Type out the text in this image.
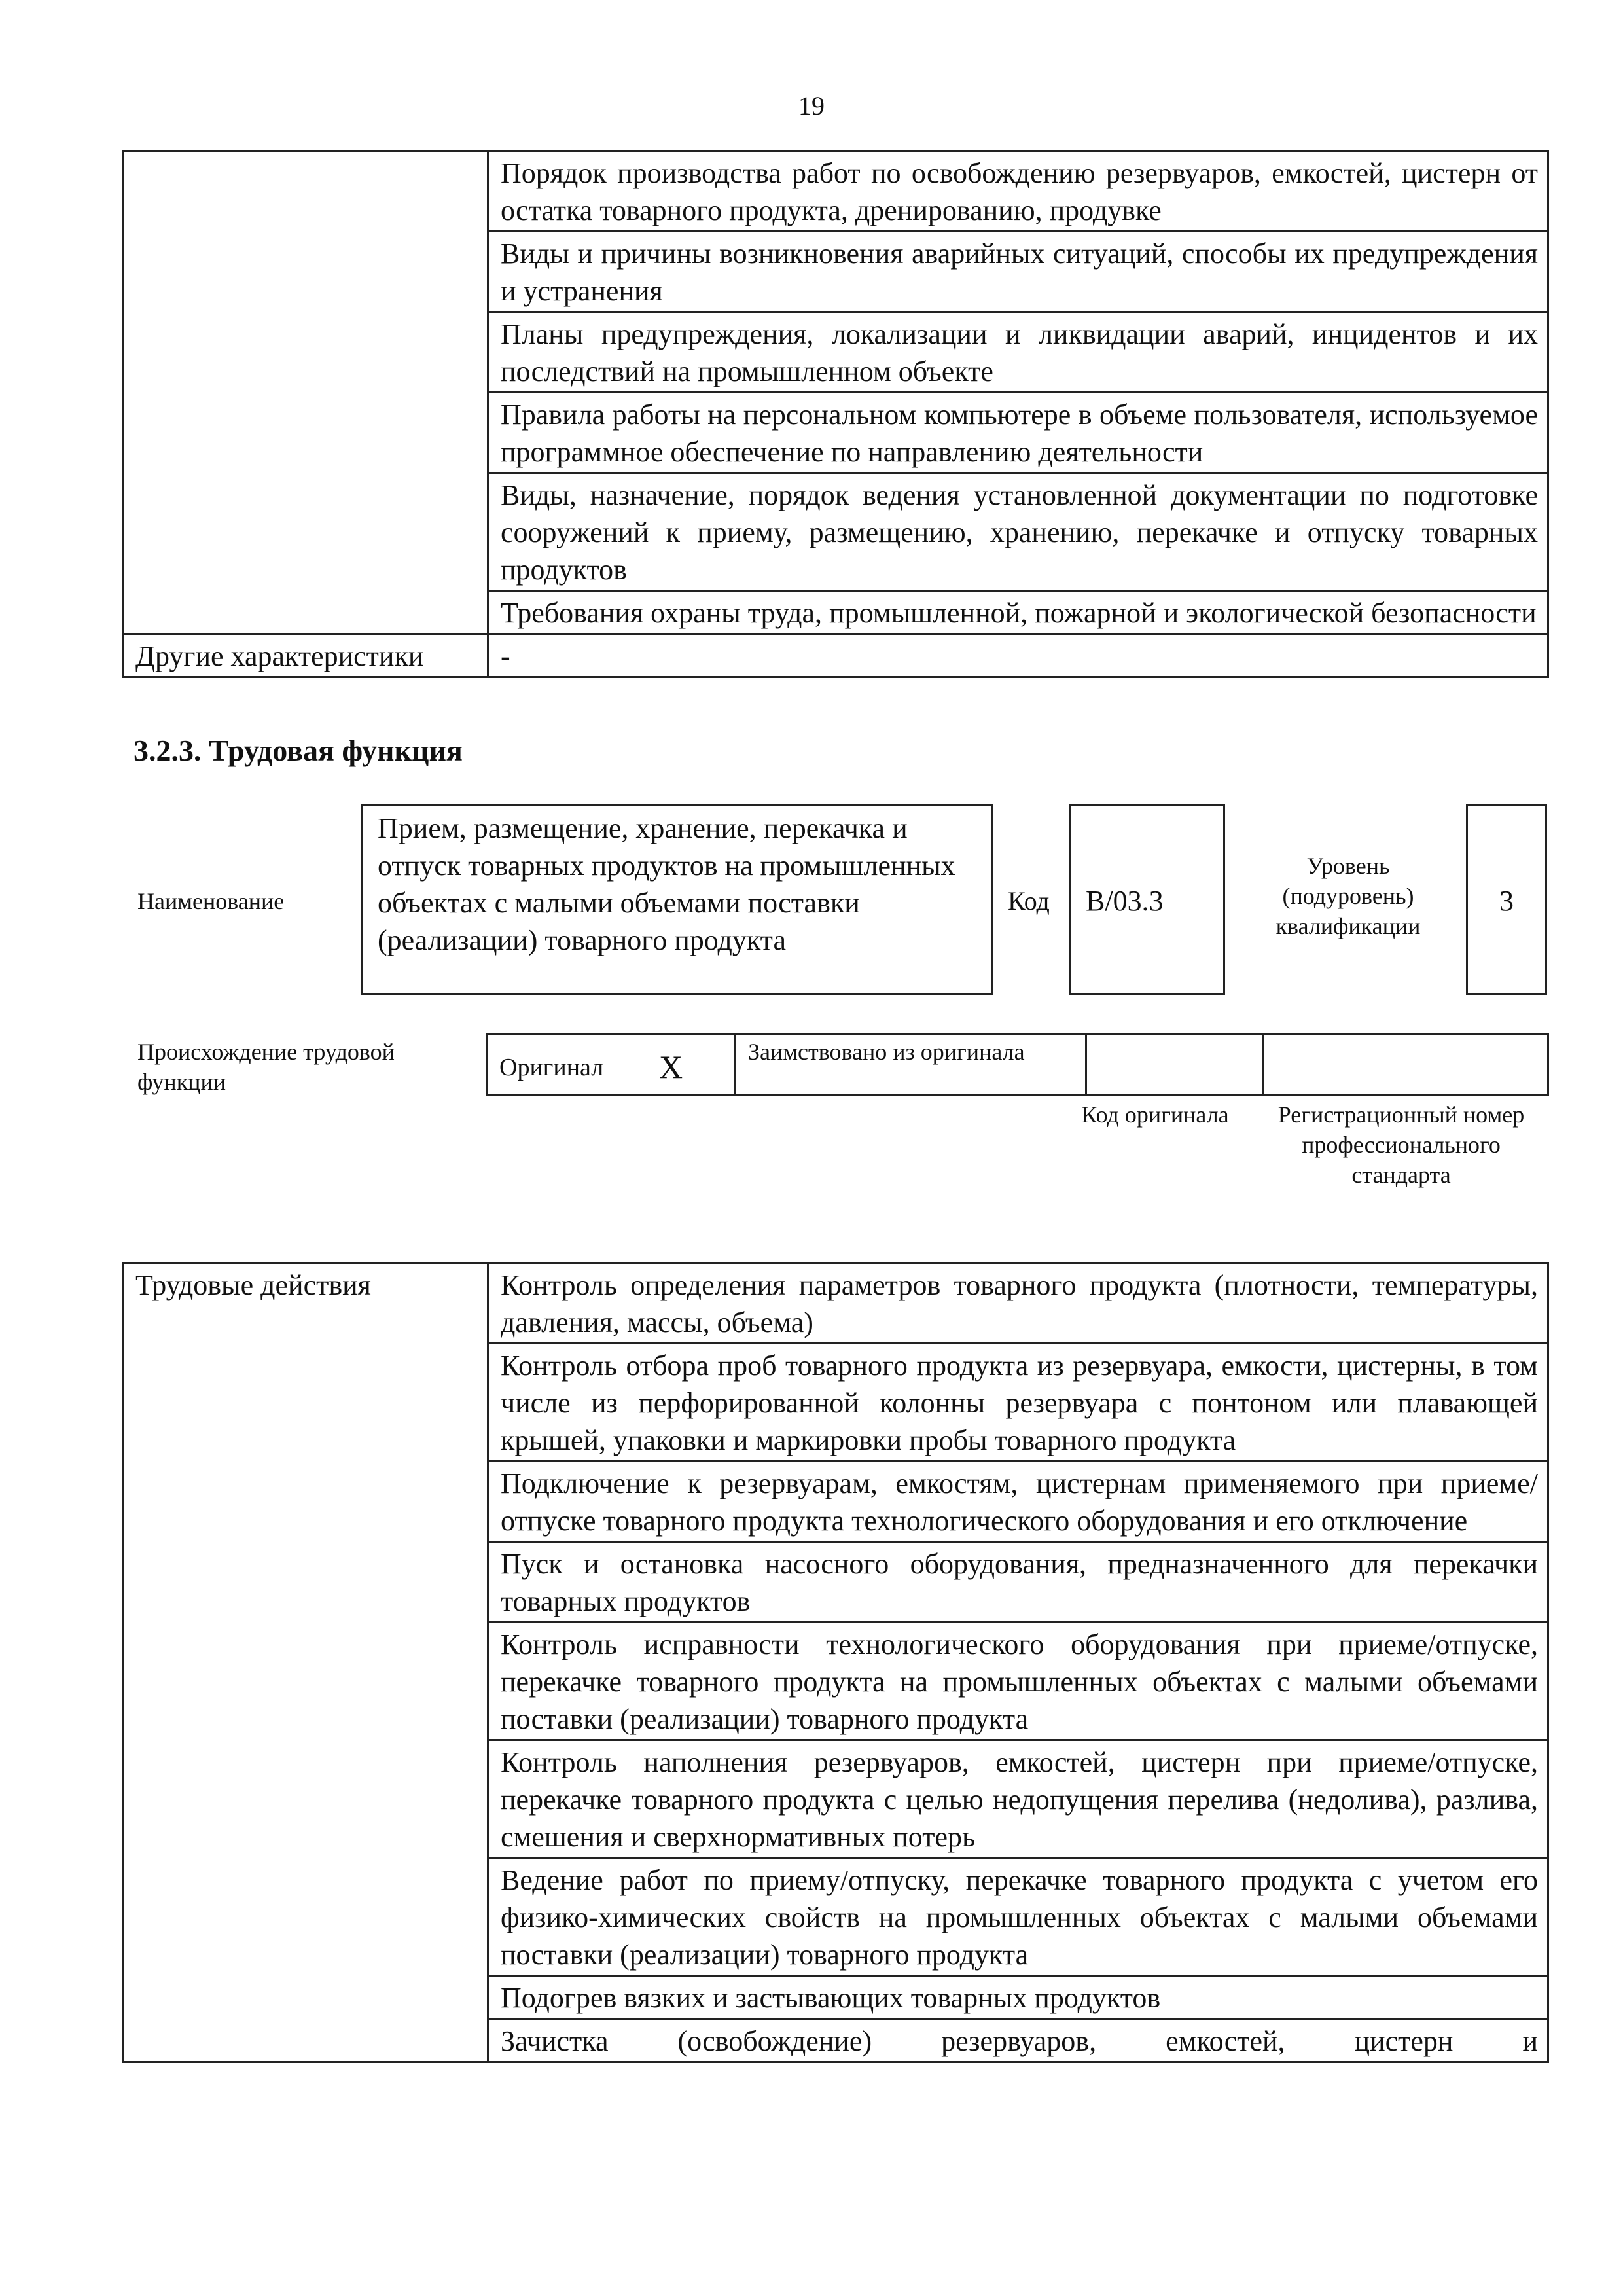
19
	Порядок производства работ по освобождению резервуаров, емкостей, цистерн от остатка товарного продукта, дренированию, продувке
	Виды и причины возникновения аварийных ситуаций, способы их предупреждения и устранения
	Планы предупреждения, локализации и ликвидации аварий, инцидентов и их последствий на промышленном объекте
	Правила работы на персональном компьютере в объеме пользователя, используемое программное обеспечение по направлению деятельности
	Виды, назначение, порядок ведения установленной документации по подготовке сооружений к приему, размещению, хранению, перекачке и отпуску товарных продуктов
	Требования охраны труда, промышленной, пожарной и экологической безопасности
Другие характеристики	-
3.2.3. Трудовая функция
Наименование
Прием, размещение, хранение, перекачка и отпуск товарных продуктов на промышленных объектах с малыми объемами поставки (реализации) товарного продукта
Код B/03.3
Уровень (подуровень) квалификации
3
Происхождение трудовой функции
Оригинал X	Заимствовано из оригинала		
Код оригинала	Регистрационный номер профессионального стандарта
Трудовые действия	Контроль определения параметров товарного продукта (плотности, температуры, давления, массы, объема)
Контроль отбора проб товарного продукта из резервуара, емкости, цистерны, в том числе из перфорированной колонны резервуара с понтоном или плавающей крышей, упаковки и маркировки пробы товарного продукта
Подключение к резервуарам, емкостям, цистернам применяемого при приеме/отпуске товарного продукта технологического оборудования и его отключение
Пуск и остановка насосного оборудования, предназначенного для перекачки товарных продуктов
Контроль исправности технологического оборудования при приеме/отпуске, перекачке товарного продукта на промышленных объектах с малыми объемами поставки (реализации) товарного продукта
Контроль наполнения резервуаров, емкостей, цистерн при приеме/отпуске, перекачке товарного продукта с целью недопущения перелива (недолива), разлива, смешения и сверхнормативных потерь
Ведение работ по приему/отпуску, перекачке товарного продукта с учетом его физико-химических свойств на промышленных объектах с малыми объемами поставки (реализации) товарного продукта
Подогрев вязких и застывающих товарных продуктов

Зачистка (освобождение) резервуаров, емкостей, цистерн и
